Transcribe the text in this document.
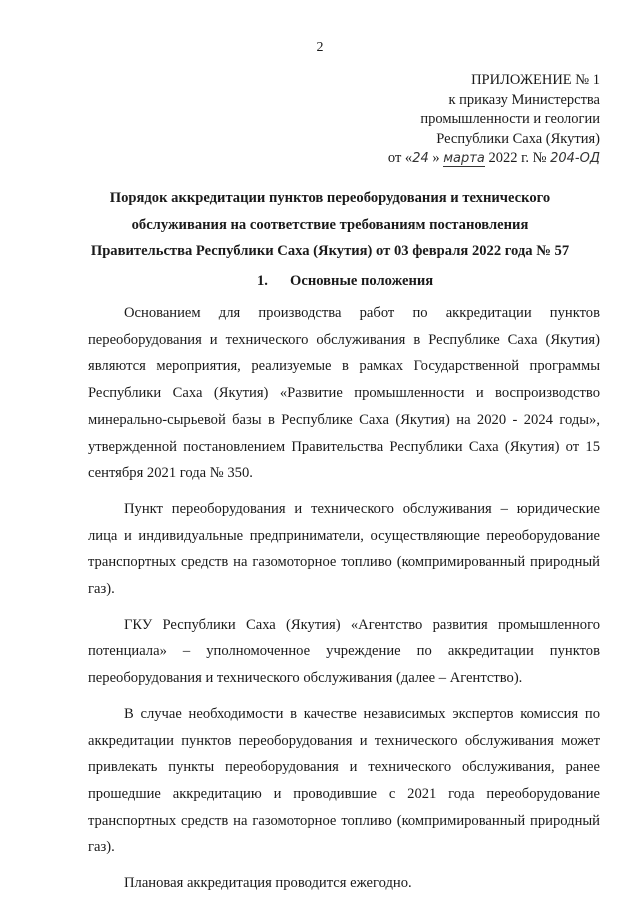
2
ПРИЛОЖЕНИЕ № 1
к приказу Министерства
промышленности и геологии
Республики Саха (Якутия)
от «24 » марта 2022 г. № 204-ОД
Порядок аккредитации пунктов переоборудования и технического
обслуживания на соответствие требованиям постановления
Правительства Республики Саха (Якутия) от 03 февраля 2022 года № 57
1. Основные положения

Основанием для производства работ по аккредитации пунктов переоборудования и технического обслуживания в Республике Саха (Якутия) являются мероприятия, реализуемые в рамках Государственной программы Республики Саха (Якутия) «Развитие промышленности и воспроизводство минерально-сырьевой базы в Республике Саха (Якутия) на 2020 - 2024 годы», утвержденной постановлением Правительства Республики Саха (Якутия) от 15 сентября 2021 года № 350.

Пункт переоборудования и технического обслуживания – юридические лица и индивидуальные предприниматели, осуществляющие переоборудование транспортных средств на газомоторное топливо (компримированный природный газ).

ГКУ Республики Саха (Якутия) «Агентство развития промышленного потенциала» – уполномоченное учреждение по аккредитации пунктов переоборудования и технического обслуживания (далее – Агентство).

В случае необходимости в качестве независимых экспертов комиссия по аккредитации пунктов переоборудования и технического обслуживания может привлекать пункты переоборудования и технического обслуживания, ранее прошедшие аккредитацию и проводившие с 2021 года переоборудование транспортных средств на газомоторное топливо (компримированный природный газ).

Плановая аккредитация проводится ежегодно.
